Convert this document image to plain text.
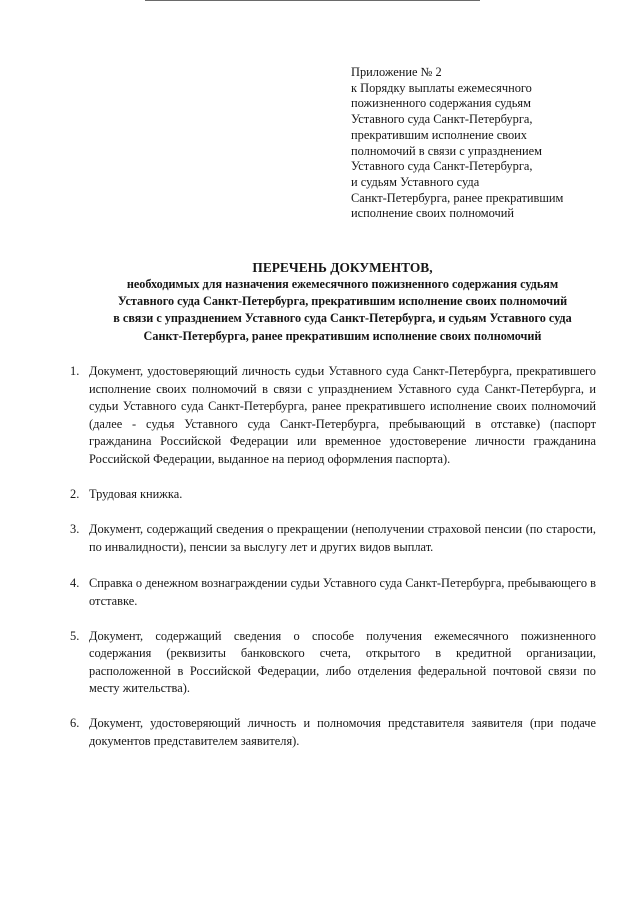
Приложение № 2
к Порядку выплаты ежемесячного
пожизненного содержания судьям
Уставного суда Санкт-Петербурга,
прекратившим исполнение своих
полномочий в связи с упразднением
Уставного суда Санкт-Петербурга,
и судьям Уставного суда
Санкт-Петербурга, ранее прекратившим
исполнение своих полномочий
ПЕРЕЧЕНЬ ДОКУМЕНТОВ,
необходимых для назначения ежемесячного пожизненного содержания судьям
Уставного суда Санкт-Петербурга, прекратившим исполнение своих полномочий
в связи с упразднением Уставного суда Санкт-Петербурга, и судьям Уставного суда
Санкт-Петербурга, ранее прекратившим исполнение своих полномочий
1. Документ, удостоверяющий личность судьи Уставного суда Санкт-Петербурга, прекратившего исполнение своих полномочий в связи с упразднением Уставного суда Санкт-Петербурга, и судьи Уставного суда Санкт-Петербурга, ранее прекратившего исполнение своих полномочий (далее - судья Уставного суда Санкт-Петербурга, пребывающий в отставке) (паспорт гражданина Российской Федерации или временное удостоверение личности гражданина Российской Федерации, выданное на период оформления паспорта).
2. Трудовая книжка.
3. Документ, содержащий сведения о прекращении (неполучении страховой пенсии (по старости, по инвалидности), пенсии за выслугу лет и других видов выплат.
4. Справка о денежном вознаграждении судьи Уставного суда Санкт-Петербурга, пребывающего в отставке.
5. Документ, содержащий сведения о способе получения ежемесячного пожизненного содержания (реквизиты банковского счета, открытого в кредитной организации, расположенной в Российской Федерации, либо отделения федеральной почтовой связи по месту жительства).
6. Документ, удостоверяющий личность и полномочия представителя заявителя (при подаче документов представителем заявителя).
